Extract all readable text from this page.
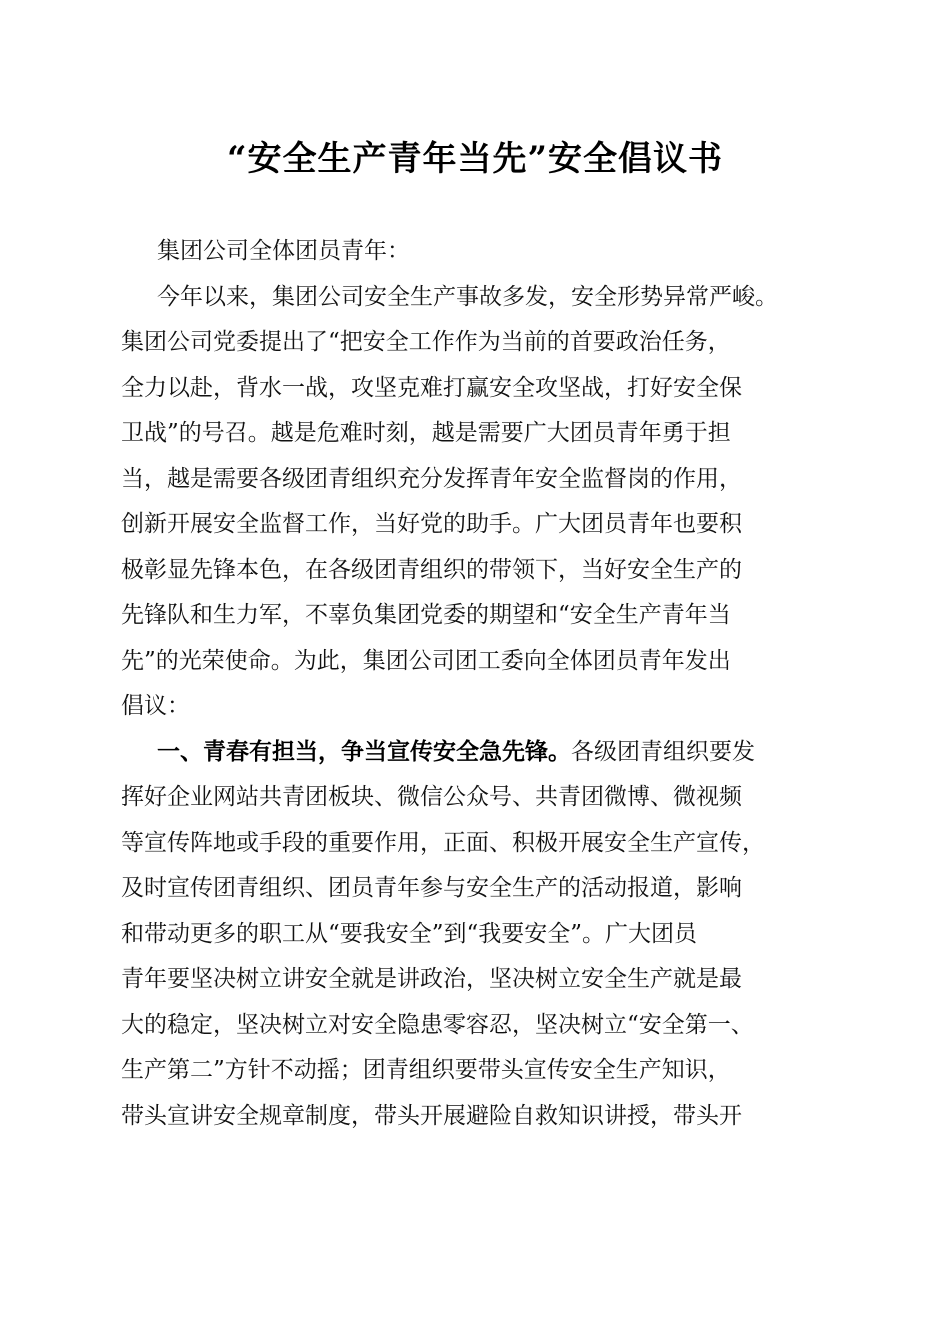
“安全生产青年当先”安全倡议书
集团公司全体团员青年：
今年以来，集团公司安全生产事故多发，安全形势异常严峻。
集团公司党委提出了“把安全工作作为当前的首要政治任务，
全力以赴，背水一战，攻坚克难打赢安全攻坚战，打好安全保
卫战”的号召。越是危难时刻，越是需要广大团员青年勇于担
当，越是需要各级团青组织充分发挥青年安全监督岗的作用，
创新开展安全监督工作，当好党的助手。广大团员青年也要积
极彰显先锋本色，在各级团青组织的带领下，当好安全生产的
先锋队和生力军，不辜负集团党委的期望和“安全生产青年当
先”的光荣使命。为此，集团公司团工委向全体团员青年发出
倡议：
一、青春有担当，争当宣传安全急先锋。各级团青组织要发
挥好企业网站共青团板块、微信公众号、共青团微博、微视频
等宣传阵地或手段的重要作用，正面、积极开展安全生产宣传，
及时宣传团青组织、团员青年参与安全生产的活动报道，影响
和带动更多的职工从“要我安全”到“我要安全”。广大团员
青年要坚决树立讲安全就是讲政治，坚决树立安全生产就是最
大的稳定，坚决树立对安全隐患零容忍，坚决树立“安全第一、
生产第二”方针不动摇；团青组织要带头宣传安全生产知识，
带头宣讲安全规章制度，带头开展避险自救知识讲授，带头开
